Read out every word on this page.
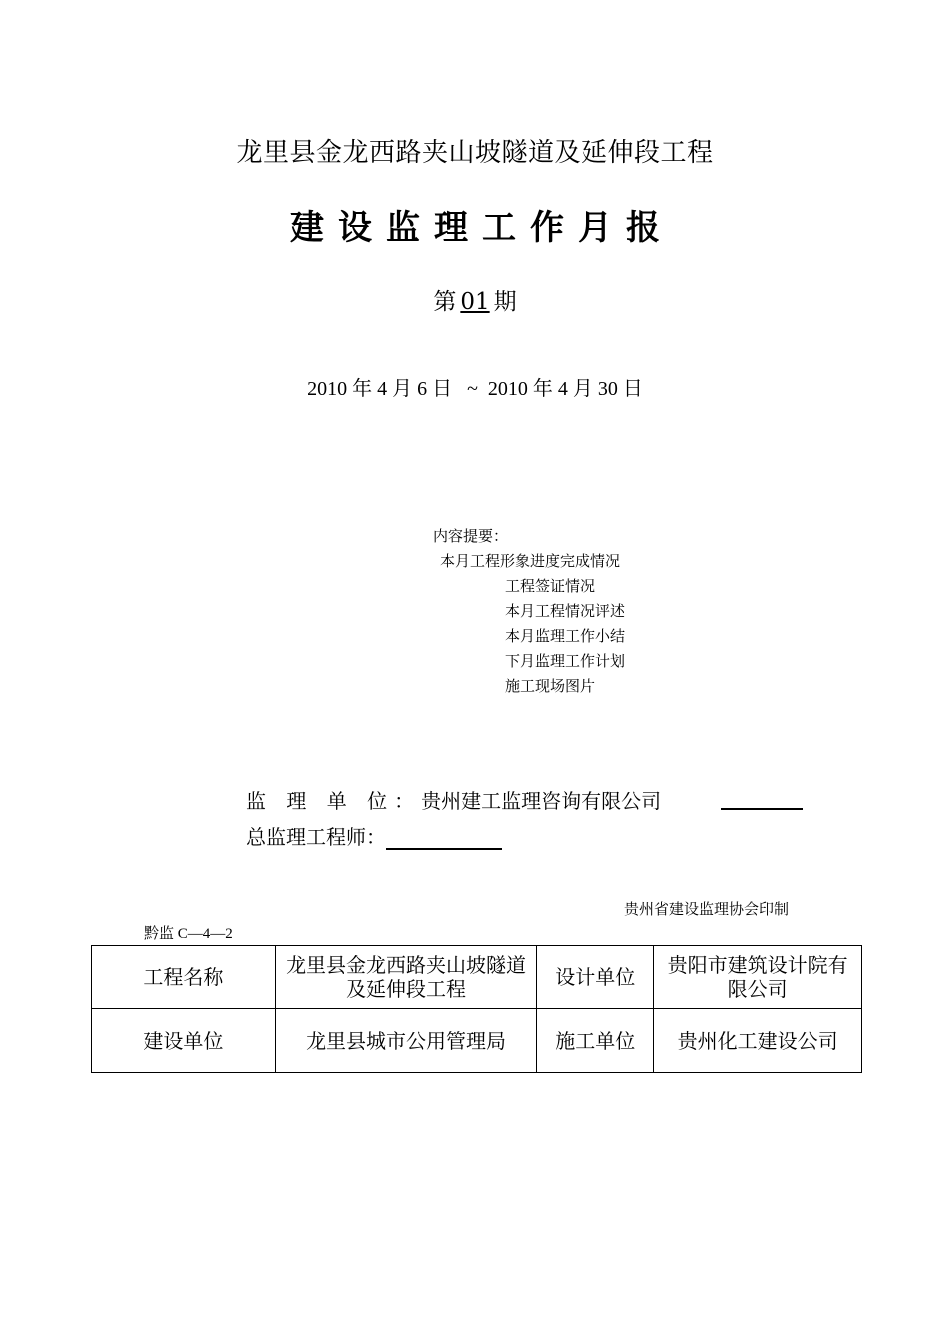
龙里县金龙西路夹山坡隧道及延伸段工程
建设监理工作月报
第 01 期
2010 年 4 月 6 日   ~  2010 年 4 月 30 日
内容提要：
本月工程形象进度完成情况
工程签证情况
本月工程情况评述
本月监理工作小结
下月监理工作计划
施工现场图片
监 理 单 位：贵州建工监理咨询有限公司
总监理工程师：
贵州省建设监理协会印制
黔监 C—4—2
工程名称	龙里县金龙西路夹山坡隧道及延伸段工程	设计单位	贵阳市建筑设计院有限公司
建设单位	龙里县城市公用管理局	施工单位	贵州化工建设公司
